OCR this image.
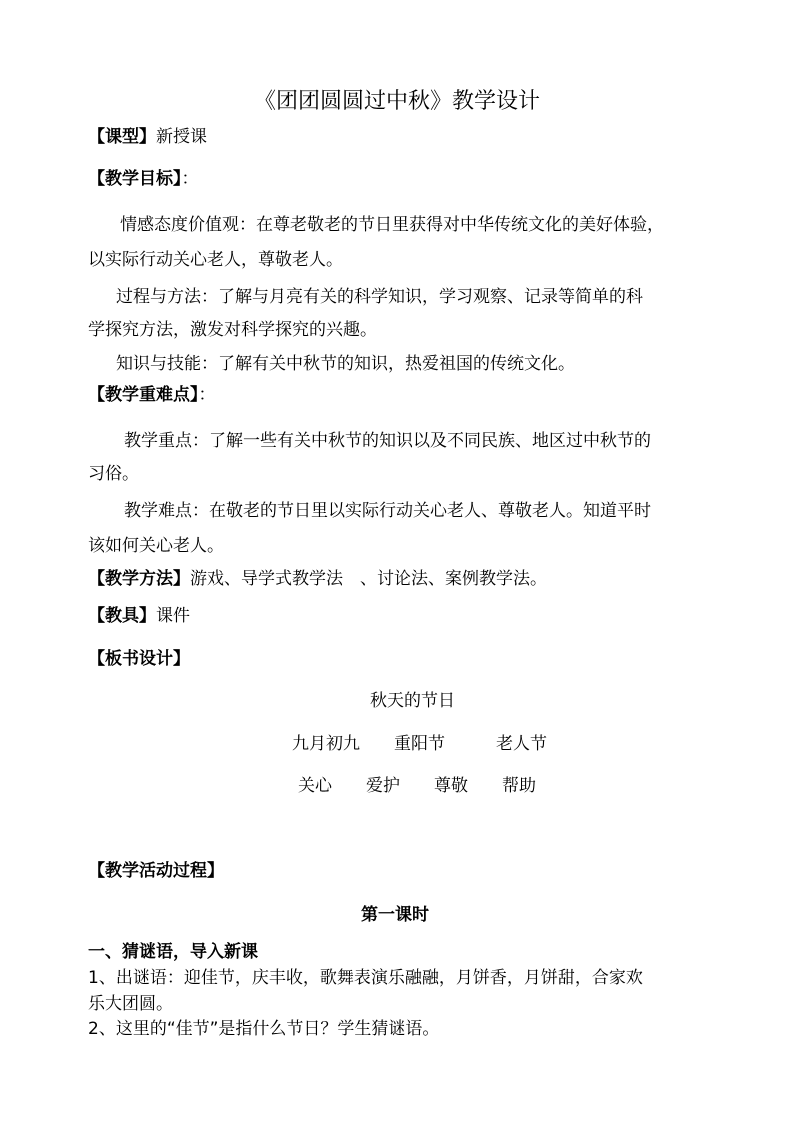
《团团圆圆过中秋》教学设计
【课型】新授课
【教学目标】：
情感态度价值观：在尊老敬老的节日里获得对中华传统文化的美好体验，
以实际行动关心老人，尊敬老人。
过程与方法：了解与月亮有关的科学知识，学习观察、记录等简单的科
学探究方法，激发对科学探究的兴趣。
知识与技能：了解有关中秋节的知识，热爱祖国的传统文化。
【教学重难点】：
教学重点：了解一些有关中秋节的知识以及不同民族、地区过中秋节的
习俗。
教学难点：在敬老的节日里以实际行动关心老人、尊敬老人。知道平时
该如何关心老人。
【教学方法】游戏、导学式教学法　、讨论法、案例教学法。
【教具】课件
【板书设计】
秋天的节日
九月初九　　重阳节　　　老人节
关心　　爱护　　尊敬　　帮助
【教学活动过程】
第一课时
一、猜谜语，导入新课
1、出谜语：迎佳节，庆丰收，歌舞表演乐融融，月饼香，月饼甜，合家欢
乐大团圆。
2、这里的“佳节”是指什么节日？学生猜谜语。
